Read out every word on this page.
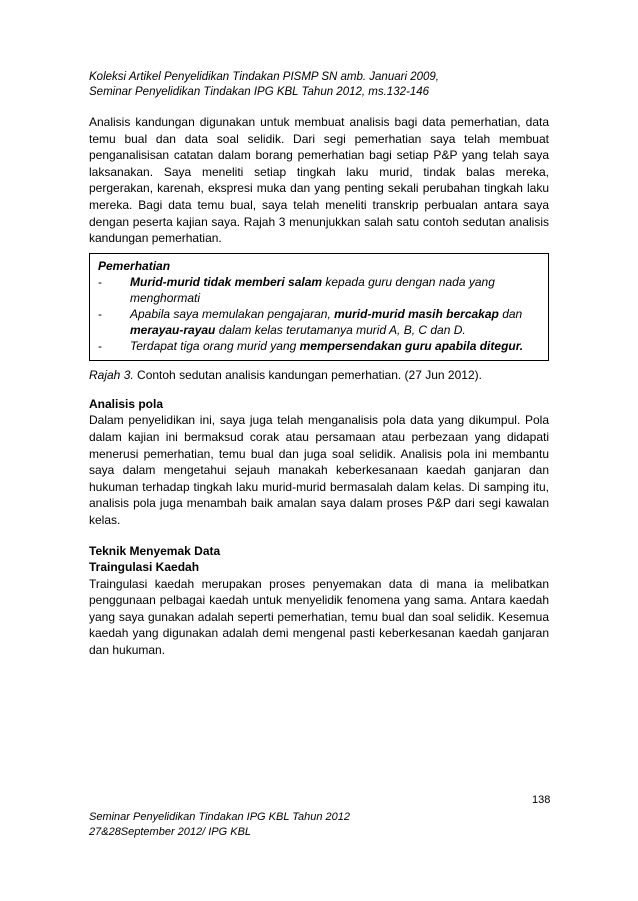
Koleksi Artikel Penyelidikan Tindakan PISMP SN amb. Januari 2009,

Seminar Penyelidikan Tindakan IPG KBL Tahun 2012, ms.132-146

Analisis kandungan digunakan untuk membuat analisis bagi data pemerhatian, data temu bual dan data soal selidik. Dari segi pemerhatian saya telah membuat penganalisisan catatan dalam borang pemerhatian bagi setiap P&P yang telah saya laksanakan. Saya meneliti setiap tingkah laku murid, tindak balas mereka, pergerakan, karenah, ekspresi muka dan yang penting sekali perubahan tingkah laku mereka. Bagi data temu bual, saya telah meneliti transkrip perbualan antara saya dengan peserta kajian saya. Rajah 3 menunjukkan salah satu contoh sedutan analisis kandungan pemerhatian.

Pemerhatian
-	Murid-murid tidak memberi salam kepada guru dengan nada yang menghormati
-	Apabila saya memulakan pengajaran, murid-murid masih bercakap dan merayau-rayau dalam kelas terutamanya murid A, B, C dan D.
-	Terdapat tiga orang murid yang mempersendakan guru apabila ditegur.
Rajah 3. Contoh sedutan analisis kandungan pemerhatian. (27 Jun 2012).

Analisis pola

Dalam penyelidikan ini, saya juga telah menganalisis pola data yang dikumpul. Pola dalam kajian ini bermaksud corak atau persamaan atau perbezaan yang didapati menerusi pemerhatian, temu bual dan juga soal selidik. Analisis pola ini membantu saya dalam mengetahui sejauh manakah keberkesanaan kaedah ganjaran dan hukuman terhadap tingkah laku murid-murid bermasalah dalam kelas. Di samping itu, analisis pola juga menambah baik amalan saya dalam proses P&P dari segi kawalan kelas.

Teknik Menyemak Data

Traingulasi Kaedah

Traingulasi kaedah merupakan proses penyemakan data di mana ia melibatkan penggunaan pelbagai kaedah untuk menyelidik fenomena yang sama. Antara kaedah yang saya gunakan adalah seperti pemerhatian, temu bual dan soal selidik. Kesemua kaedah yang digunakan adalah demi mengenal pasti keberkesanan kaedah ganjaran dan hukuman.

138

Seminar Penyelidikan Tindakan IPG KBL Tahun 2012

27&28September 2012/ IPG KBL
